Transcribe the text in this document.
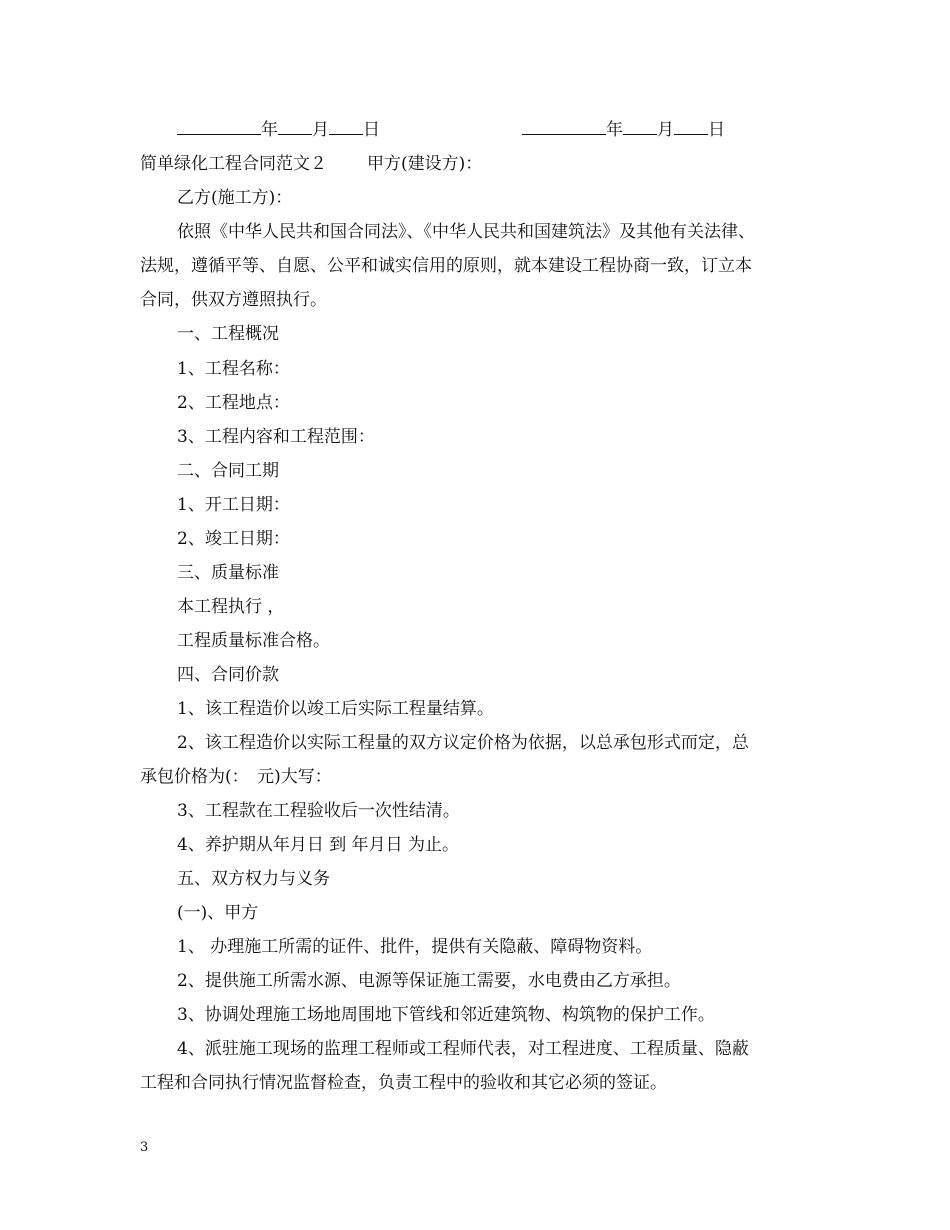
年 月 日	年 月 日
简单绿化工程合同范文２ 甲方(建设方)：
乙方(施工方)：
依照《中华人民共和国合同法》、《中华人民共和国建筑法》及其他有关法律、
法规，遵循平等、自愿、公平和诚实信用的原则，就本建设工程协商一致，订立本
合同，供双方遵照执行。
一、工程概况
1、工程名称：
2、工程地点：
3、工程内容和工程范围：
二、合同工期
1、开工日期：
2、竣工日期：
三、质量标准
本工程执行 ，
工程质量标准合格。
四、合同价款
1、该工程造价以竣工后实际工程量结算。
2、该工程造价以实际工程量的双方议定价格为依据，以总承包形式而定，总
承包价格为(：　元)大写：
3、工程款在工程验收后一次性结清。
4、养护期从年月日 到 年月日 为止。
五、双方权力与义务
(一)、甲方
1、 办理施工所需的证件、批件，提供有关隐蔽、障碍物资料。
2、提供施工所需水源、电源等保证施工需要，水电费由乙方承担。
3、协调处理施工场地周围地下管线和邻近建筑物、构筑物的保护工作。
4、派驻施工现场的监理工程师或工程师代表，对工程进度、工程质量、隐蔽
工程和合同执行情况监督检查，负责工程中的验收和其它必须的签证。
3
